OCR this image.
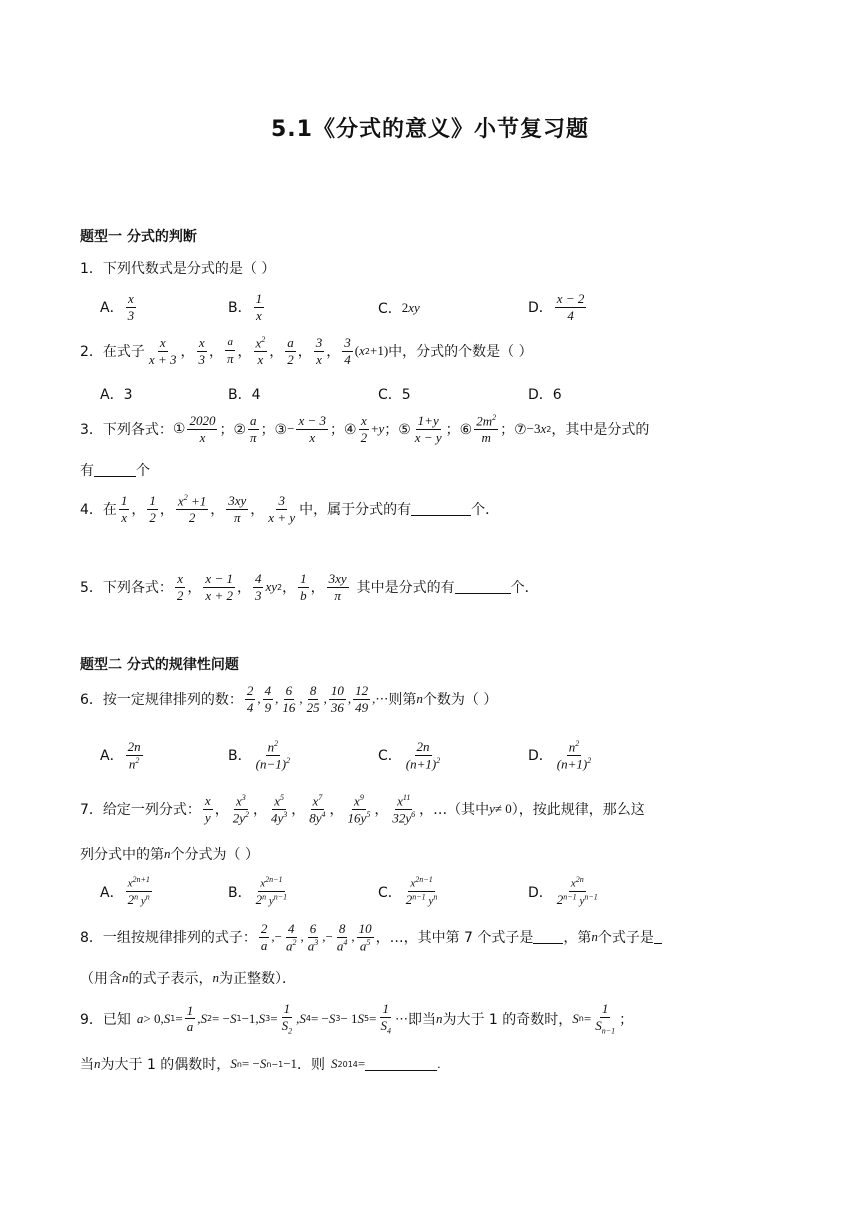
5.1《分式的意义》小节复习题
题型一 分式的判断
1．下列代数式是分式的是（ ）
A． $\frac{x}{3}$	B． $\frac{1}{x}$	C． 2 xy	D． $\frac{x - 2}{4}$
2．在式子 $\frac{x}{x + 3}$ ， $\frac{x}{3}$ ， $\frac{a}{\pi}$ ， $\frac{x^2}{x}$ ， $\frac{a}{2}$ ， $\frac{3}{x}$ ， $\frac{3}{4}$ ( x 2 +1) 中，分式的个数是（ ）
A．3	B．4	C．5	D．6
3．下列各式： ① $\frac{2020}{x}$ ；② $\frac{a}{\pi}$ ；③ − $\frac{x - 3}{x}$ ；④ $\frac{x}{2} + y$ ；⑤ $\frac{1+y}{x - y}$ ；⑥ $\frac{2m^2}{m}$ ；⑦ −3 x 2 ，其中是分式的
有	个
4．在 $\frac{1}{x}$ ， $\frac{1}{2}$ ， $\frac{x^2 +1}{2}$ ， $\frac{3xy}{\pi}$ ， $\frac{3}{x + y}$ 中，属于分式的有	个．
5．下列各式： $\frac{x}{2}$ ， $\frac{x - 1}{x + 2}$ ， $\frac{4}{3}$ xy 2 ， $\frac{1}{b}$ ， $\frac{3xy}{\pi}$ 其中是分式的有	个．
题型二 分式的规律性问题
6．按一定规律排列的数： $\frac{2}{4}$ , $\frac{4}{9}$ , $\frac{6}{16}$ , $\frac{8}{25}$ , $\frac{10}{36}$ , $\frac{12}{49}$ ,⋯ 则第 n 个数为（ ）
A． $\frac{2n}{n^2}$	B． $\frac{n^2}{(n-1)^2}$	C． $\frac{2n}{(n+1)^2}$	D． $\frac{n^2}{(n+1)^2}$
7．给定一列分式： $\frac{x}{y}$ ， $\frac{x^3}{2y^2}$ ， $\frac{x^5}{4y^3}$ ， $\frac{x^7}{8y^4}$ ， $\frac{x^9}{16y^5}$ ， $\frac{x^{11}}{32y^6}$ ，…（其中 y ≠ 0 ），按此规律，那么这
列分式中的第 n 个分式为（ ）
A． $\frac{x^{2n+1}}{2^n y^n}$	B． $\frac{x^{2n-1}}{2^n y^{n-1}}$	C． $\frac{x^{2n-1}}{2^{n-1} y^n}$	D． $\frac{x^{2n}}{2^{n-1} y^{n-1}}$
8．一组按规律排列的式子： $\frac{2}{a}$ ,− $\frac{4}{a^2}$ , $\frac{6}{a^3}$ ,− $\frac{8}{a^4}$ , $\frac{10}{a^5}$ ，… ，其中第 7 个式子是 ，第 n 个式子是
（用含 n 的式子表示， n 为正整数）．
9．已知 a > 0, S $1 = \frac{1}{a}$ , S 2 = − S 1 −1, S $3 = \frac{1}{S_2}$ , S 4 = − S 3 − 1 S $5 = \frac{1}{S_4}$ ⋯ 即当 n 为大于 1 的奇数时， S $n = \frac{1}{S_{n-1}}$ ；
当 n 为大于 1 的偶数时， S n = − S n−1 −1 ．则 S 2014 =	.
